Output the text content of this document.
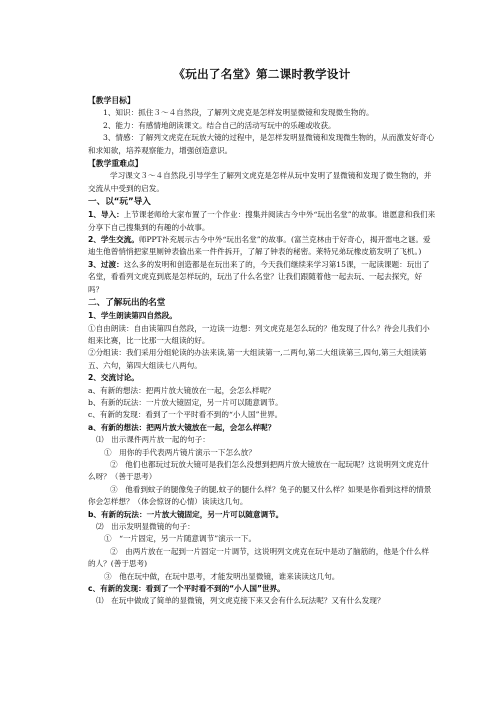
《玩出了名堂》第二课时教学设计

【教学目标】

1、知识：抓住３～４自然段，了解列文虎克是怎样发明显微镜和发现微生物的。

2、能力：有感情地朗读课文。结合自己的活动写玩中的乐趣或收获。

3、情感：了解列文虎克在玩放大镜的过程中，是怎样发明显微镜和发现微生物的，从而激发好奇心和求知欲，培养观察能力，增强创造意识。

【教学重难点】

学习课文３～４自然段,引导学生了解列文虎克是怎样从玩中发明了显微镜和发现了微生物的，并交流从中受到的启发。

一、以“玩”导入

1、导入：上节课老师给大家布置了一个作业：搜集并阅读古今中外“玩出名堂”的故事。谁愿意和我们来分享下自己搜集到的有趣的小故事。

2、学生交流。师PPT补充展示古今中外“玩出名堂”的故事。(富兰克林由于好奇心，揭开雷电之谜。爱迪生他曾悄悄把家里厕钟表偷出来一件件拆开，了解了钟表的秘密。莱特兄弟玩橡皮筋发明了飞机。)

3、过渡：这么多的发明和创造都是在玩出来了的，今天我们继续来学习第15课，一起读课题：玩出了名堂，看看列文虎克到底是怎样玩的，玩出了什么名堂？让我们跟随着他一起去玩、一起去探究，好吗？

二、了解玩出的名堂

1、学生朗读第四自然段。

①自由朗读：自由读第四自然段，一边读一边想：列文虎克是怎么玩的？他发现了什么？待会儿我们小组来比赛，比一比那一大组读的好。

②分组读：我们采用分组轮读的办法来读,第一大组读第一,二两句,第二大组读第三,四句,第三大组读第五、六句，第四大组读七八两句。

2、交流讨论。

a、有新的想法：把两片放大镜放在一起，会怎么样呢？

b、有新的玩法：一片放大镜固定，另一片可以随意调节。

c、有新的发现：看到了一个平时看不到的“小人国”世界。

a、有新的想法：把两片放大镜放在一起，会怎么样呢？

⑴　出示课件两片放一起的句子：

①　用你的手代表两片镜片演示一下怎么放？

②　他们也都玩过玩放大镜可是我们怎么没想到把两片放大镜放在一起玩呢？这说明列文虎克什么呀？（善于思考）

③　他看到蚊子的腿像兔子的腿,蚊子的腿什么样？兔子的腿又什么样？如果是你看到这样的情景你会怎样想？（体会惊讶的心情）读读这几句。

b、有新的玩法：一片放大镜固定，另一片可以随意调节。

⑵　出示发明显微镜的句子：

①　“一片固定，另一片随意调节”演示一下。

②　由两片放在一起到一片固定一片调节，这说明列文虎克在玩中是动了脑筋的，他是个什么样的人？(善于思考)

③　他在玩中做，在玩中思考，才能发明出显微镜，谁来读读这几句。

c、有新的发现：看到了一个平时看不到的“小人国”世界。

⑴　在玩中做成了简单的显微镜，列文虎克接下来又会有什么玩法呢？又有什么发现？
